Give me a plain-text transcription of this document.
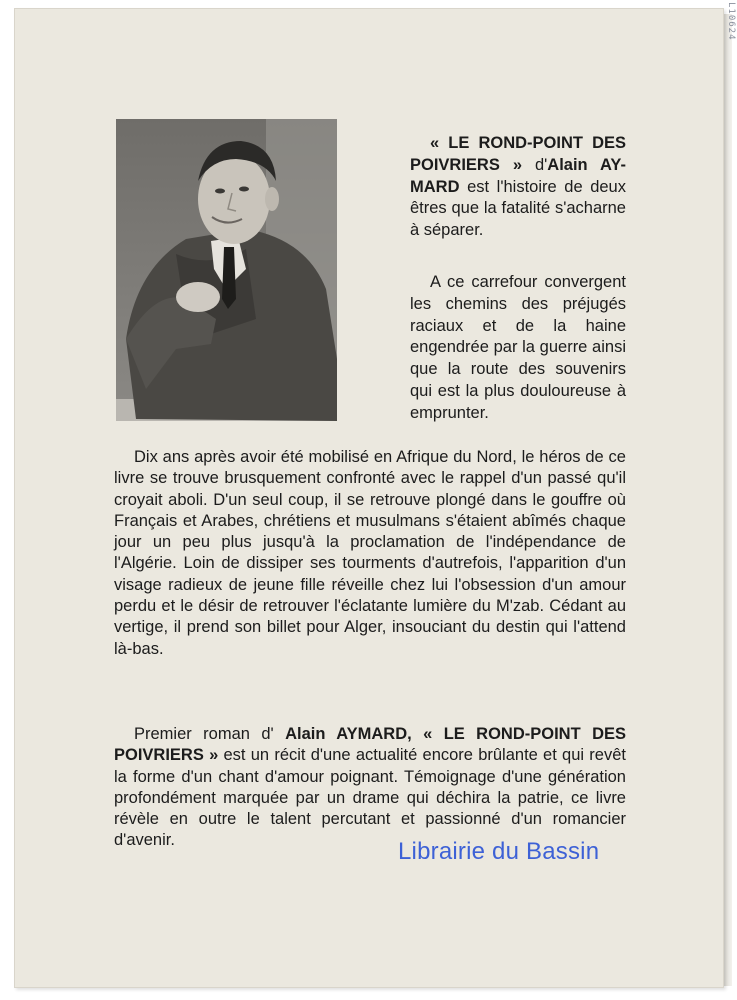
L10624

« LE ROND-POINT DES POIVRIERS » d'Alain AY-MARD est l'histoire de deux êtres que la fatalité s'acharne à séparer.

A ce carrefour convergent les chemins des préjugés raciaux et de la haine engendrée par la guerre ainsi que la route des souvenirs qui est la plus douloureuse à emprunter.

Dix ans après avoir été mobilisé en Afrique du Nord, le héros de ce livre se trouve brusquement confronté avec le rappel d'un passé qu'il croyait aboli. D'un seul coup, il se retrouve plongé dans le gouffre où Français et Arabes, chrétiens et musulmans s'étaient abîmés chaque jour un peu plus jusqu'à la proclamation de l'indépendance de l'Algérie. Loin de dissiper ses tourments d'autrefois, l'apparition d'un visage radieux de jeune fille réveille chez lui l'obsession d'un amour perdu et le désir de retrouver l'éclatante lumière du M'zab. Cédant au vertige, il prend son billet pour Alger, insouciant du destin qui l'attend là-bas.

Premier roman d' Alain AYMARD, « LE ROND-POINT DES POIVRIERS » est un récit d'une actualité encore brûlante et qui revêt la forme d'un chant d'amour poignant. Témoignage d'une génération profondément marquée par un drame qui déchira la patrie, ce livre révèle en outre le talent percutant et passionné d'un romancier d'avenir.	Librairie du Bassin
